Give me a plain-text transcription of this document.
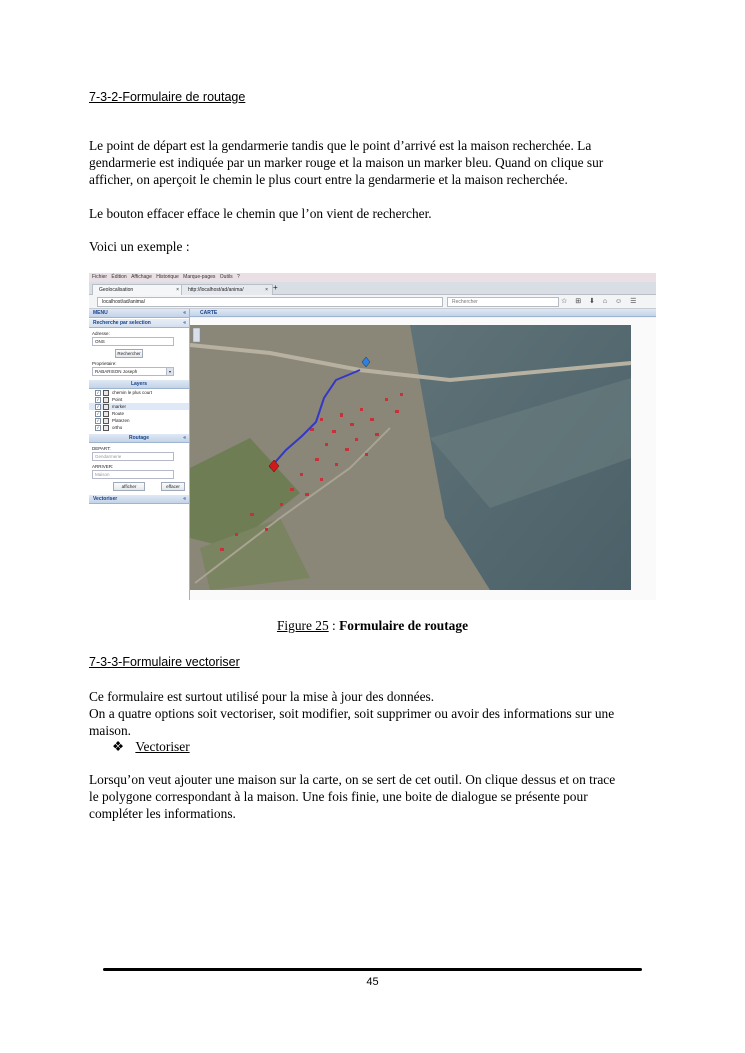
7-3-2-Formulaire de routage
Le point de départ est la gendarmerie tandis que le point d’arrivé est la maison recherchée. La
gendarmerie est indiquée par un marker rouge et la maison un marker bleu. Quand on clique sur
afficher, on aperçoit le chemin le plus court entre la gendarmerie et la maison recherchée.
Le bouton effacer efface le chemin que l’on vient de rechercher.
Voici un exemple :
Fichier Édition Affichage Historique Marque-pages Outils ?
Geolocalisation	×	http://localhost/ad/anima/	× +
localhost/ad/anima/	Rechercher	☆ ⊞ ⬇ ⌂ ☺ ☰
MENU	«
Recherche par selection	«
Adresse:
ONS
Rechercher
Proprietaire:
RABARISON Joseph	▾
Layers
✓	chemin le plus court
✓	Point
✓	marker
✓	Route
✓	Platezen
✓	ortho
Routage	«
DEPART:
Gendarmerie
ARRIVER:
Maison
afficher	effacer
Vectoriser	«
CARTE
Figure 25 : Formulaire de routage
7-3-3-Formulaire vectoriser
Ce formulaire est surtout utilisé pour la mise à jour des données.
On a quatre options soit vectoriser, soit modifier, soit supprimer ou avoir des informations sur une
maison.
❖ Vectoriser
Lorsqu’on veut ajouter une maison sur la carte, on se sert de cet outil. On clique dessus et on trace
le polygone correspondant à la maison. Une fois finie, une boite de dialogue se présente pour
compléter les informations.
45
